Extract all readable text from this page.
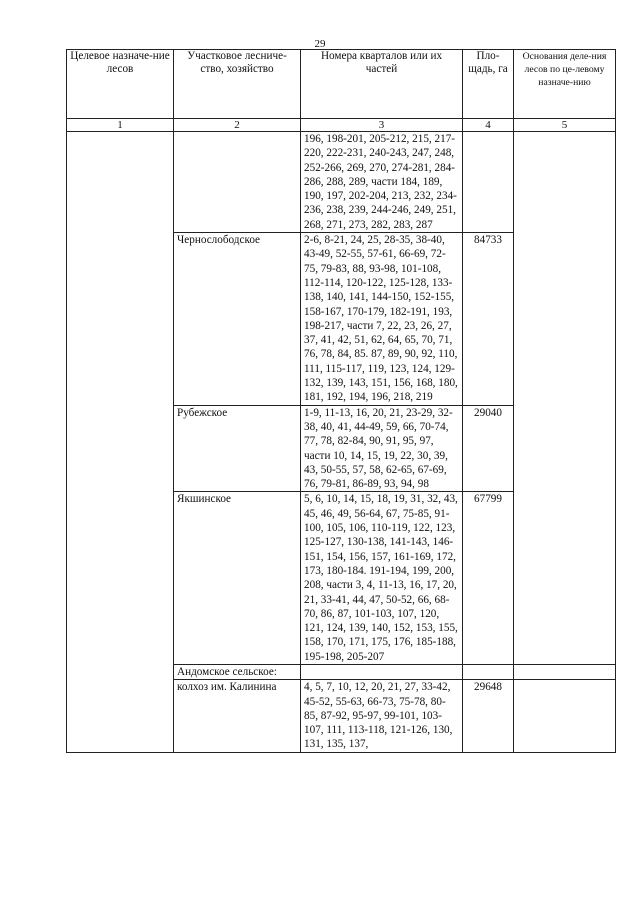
29
Целевое назначе-ние лесов	Участковое лесниче-ство, хозяйство	Номера кварталов или их частей	Пло-щадь, га	Основания деле-ния лесов по це-левому назначе-нию
1	2	3	4	5
		196, 198-201, 205-212, 215, 217-220, 222-231, 240-243, 247, 248, 252-266, 269, 270, 274-281, 284-286, 288, 289, части 184, 189, 190, 197, 202-204, 213, 232, 234-236, 238, 239, 244-246, 249, 251, 268, 271, 273, 282, 283, 287		
	Чернослободское	2-6, 8-21, 24, 25, 28-35, 38-40, 43-49, 52-55, 57-61, 66-69, 72-75, 79-83, 88, 93-98, 101-108, 112-114, 120-122, 125-128, 133-138, 140, 141, 144-150, 152-155, 158-167, 170-179, 182-191, 193, 198-217, части 7, 22, 23, 26, 27, 37, 41, 42, 51, 62, 64, 65, 70, 71, 76, 78, 84, 85. 87, 89, 90, 92, 110, 111, 115-117, 119, 123, 124, 129-132, 139, 143, 151, 156, 168, 180, 181, 192, 194, 196, 218, 219	84733	
	Рубежское	1-9, 11-13, 16, 20, 21, 23-29, 32-38, 40, 41, 44-49, 59, 66, 70-74, 77, 78, 82-84, 90, 91, 95, 97, части 10, 14, 15, 19, 22, 30, 39, 43, 50-55, 57, 58, 62-65, 67-69, 76, 79-81, 86-89, 93, 94, 98	29040	
	Якшинское	5, 6, 10, 14, 15, 18, 19, 31, 32, 43, 45, 46, 49, 56-64, 67, 75-85, 91-100, 105, 106, 110-119, 122, 123, 125-127, 130-138, 141-143, 146-151, 154, 156, 157, 161-169, 172, 173, 180-184. 191-194, 199, 200, 208, части 3, 4, 11-13, 16, 17, 20, 21, 33-41, 44, 47, 50-52, 66, 68-70, 86, 87, 101-103, 107, 120, 121, 124, 139, 140, 152, 153, 155, 158, 170, 171, 175, 176, 185-188, 195-198, 205-207	67799	
	Андомское сельское:			
	колхоз им. Калинина	4, 5, 7, 10, 12, 20, 21, 27, 33-42, 45-52, 55-63, 66-73, 75-78, 80-85, 87-92, 95-97, 99-101, 103-107, 111, 113-118, 121-126, 130, 131, 135, 137,	29648	
